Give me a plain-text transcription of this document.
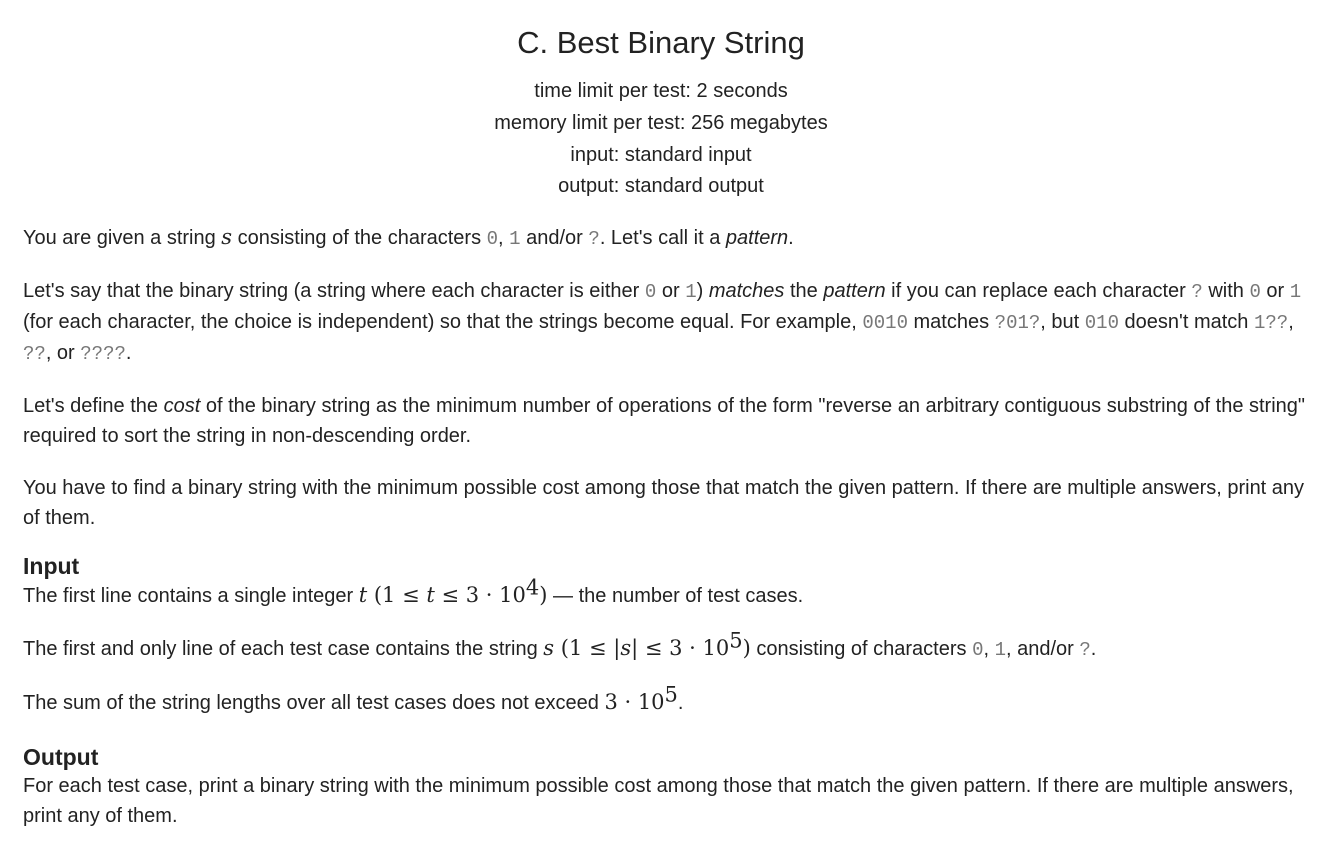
C. Best Binary String
time limit per test: 2 seconds
memory limit per test: 256 megabytes
input: standard input
output: standard output

You are given a string s consisting of the characters 0, 1 and/or ?. Let's call it a pattern.

Let's say that the binary string (a string where each character is either 0 or 1) matches the pattern if you can replace each character ? with 0 or 1 (for each character, the choice is independent) so that the strings become equal. For example, 0010 matches ?01?, but 010 doesn't match 1??, ??, or ????.

Let's define the cost of the binary string as the minimum number of operations of the form "reverse an arbitrary contiguous substring of the string" required to sort the string in non-descending order.

You have to find a binary string with the minimum possible cost among those that match the given pattern. If there are multiple answers, print any of them.

Input

The first line contains a single integer t $(1 \le t \le 3 \cdot 10^4)$ — the number of test cases.

The first and only line of each test case contains the string s $(1 \le |s| \le 3 \cdot 10^5)$ consisting of characters 0, 1, and/or ?.

The sum of the string lengths over all test cases does not exceed $3 \cdot 10^5$.

Output

For each test case, print a binary string with the minimum possible cost among those that match the given pattern. If there are multiple answers, print any of them.
